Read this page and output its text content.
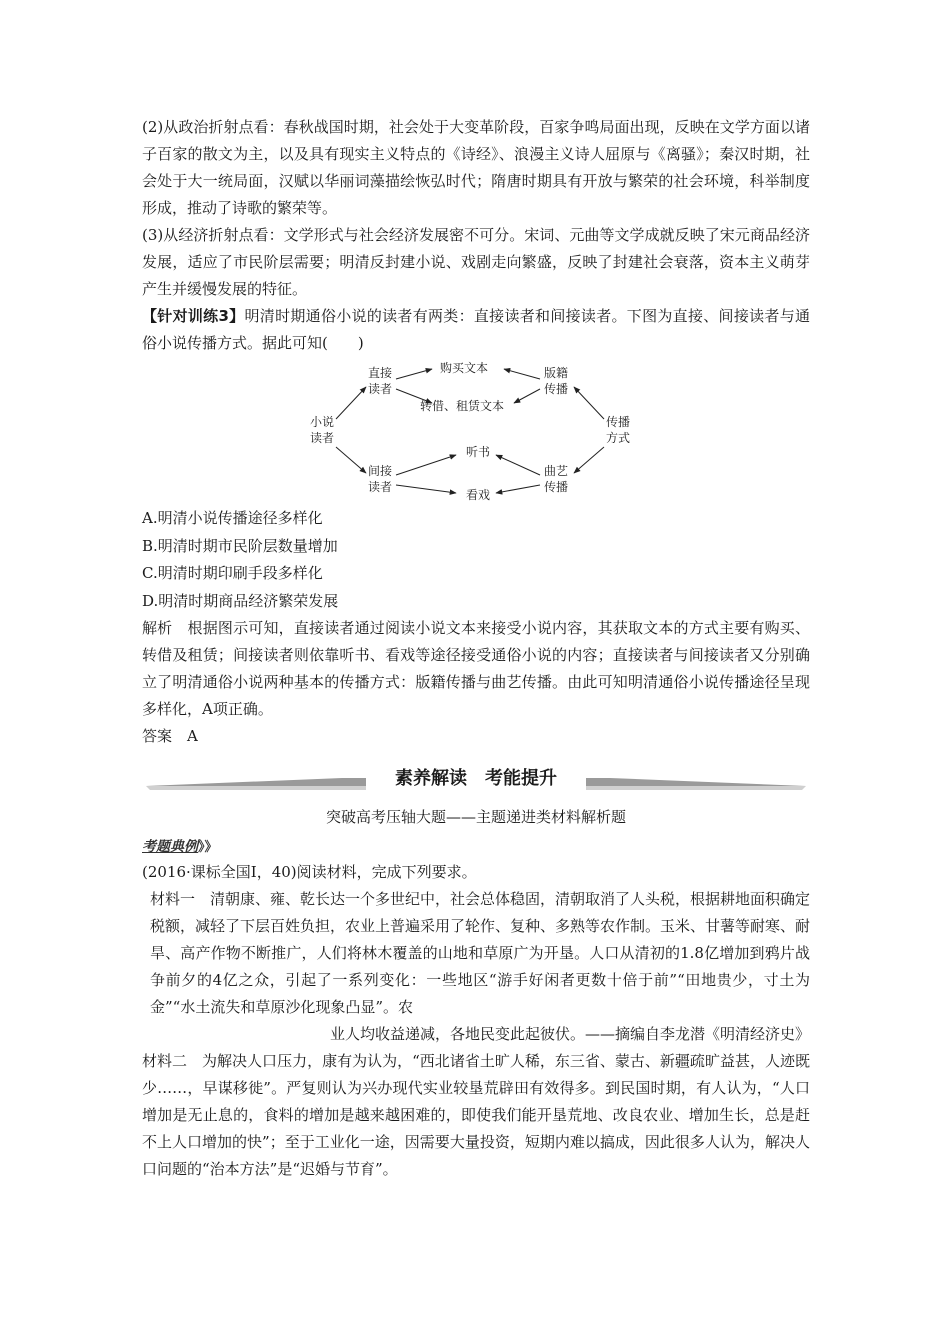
(2)从政治折射点看：春秋战国时期，社会处于大变革阶段，百家争鸣局面出现，反映在文学方面以诸子百家的散文为主，以及具有现实主义特点的《诗经》、浪漫主义诗人屈原与《离骚》；秦汉时期，社会处于大一统局面，汉赋以华丽词藻描绘恢弘时代；隋唐时期具有开放与繁荣的社会环境，科举制度形成，推动了诗歌的繁荣等。

(3)从经济折射点看：文学形式与社会经济发展密不可分。宋词、元曲等文学成就反映了宋元商品经济发展，适应了市民阶层需要；明清反封建小说、戏剧走向繁盛，反映了封建社会衰落，资本主义萌芽产生并缓慢发展的特征。

【针对训练3】明清时期通俗小说的读者有两类：直接读者和间接读者。下图为直接、间接读者与通俗小说传播方式。据此可知(　　)

小说
读者
直接
读者
间接
读者
购买文本
转借、租赁文本
听书
看戏
版籍
传播
曲艺
传播
传播
方式

A.明清小说传播途径多样化

B.明清时期市民阶层数量增加

C.明清时期印刷手段多样化

D.明清时期商品经济繁荣发展

解析　根据图示可知，直接读者通过阅读小说文本来接受小说内容，其获取文本的方式主要有购买、转借及租赁；间接读者则依靠听书、看戏等途径接受通俗小说的内容；直接读者与间接读者又分别确立了明清通俗小说两种基本的传播方式：版籍传播与曲艺传播。由此可知明清通俗小说传播途径呈现多样化，A项正确。

答案　A

»	«
素养解读　考能提升

突破高考压轴大题——主题递进类材料解析题

考题典例》》

(2016·课标全国Ⅰ，40)阅读材料，完成下列要求。

材料一　清朝康、雍、乾长达一个多世纪中，社会总体稳固，清朝取消了人头税，根据耕地面积确定税额，减轻了下层百姓负担，农业上普遍采用了轮作、复种、多熟等农作制。玉米、甘薯等耐寒、耐旱、高产作物不断推广，人们将林木覆盖的山地和草原广为开垦。人口从清初的1.8亿增加到鸦片战争前夕的4亿之众，引起了一系列变化：一些地区“游手好闲者更数十倍于前”“田地贵少，寸土为金”“水土流失和草原沙化现象凸显”。农

业人均收益递减，各地民变此起彼伏。——摘编自李龙潜《明清经济史》

材料二　为解决人口压力，康有为认为，“西北诸省土旷人稀，东三省、蒙古、新疆疏旷益甚，人迹既少……，早谋移徙”。严复则认为兴办现代实业较垦荒辟田有效得多。到民国时期，有人认为，“人口增加是无止息的，食料的增加是越来越困难的，即使我们能开垦荒地、改良农业、增加生长，总是赶不上人口增加的快”；至于工业化一途，因需要大量投资，短期内难以搞成，因此很多人认为，解决人口问题的“治本方法”是“迟婚与节育”。
